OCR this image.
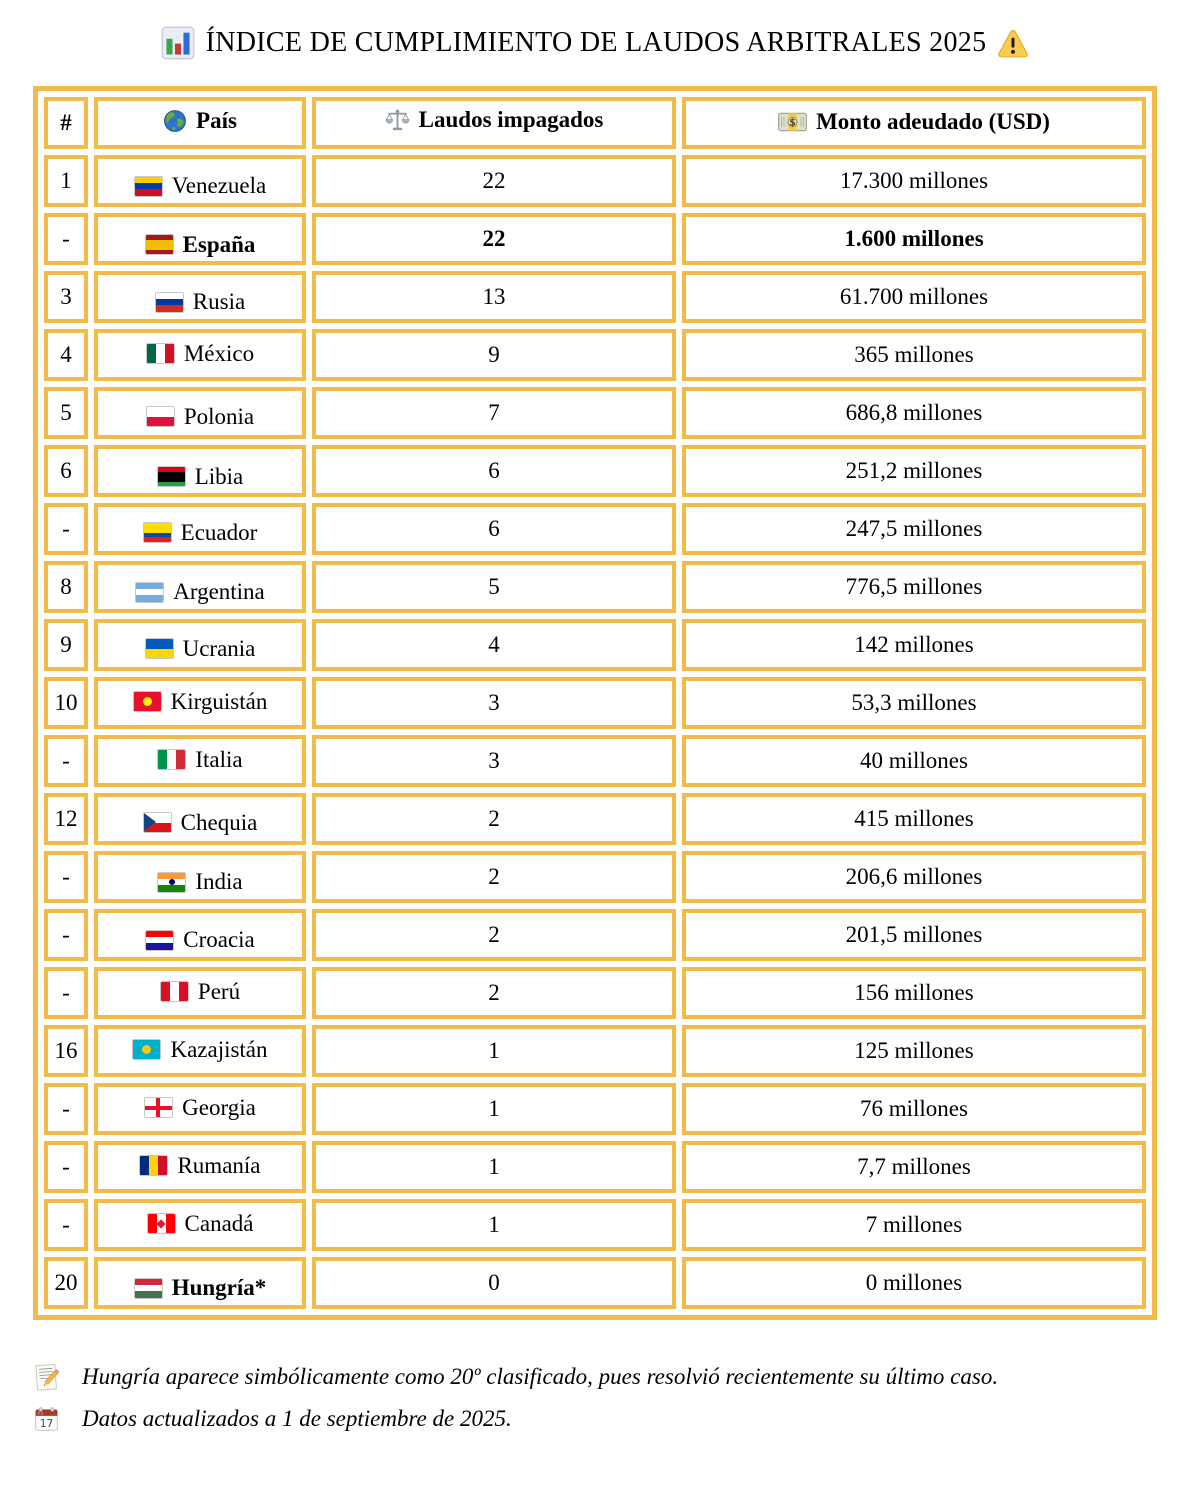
ÍNDICE DE CUMPLIMIENTO DE LAUDOS ARBITRALES 2025
#	País	Laudos impagados	$ Monto adeudado (USD)

1	Venezuela	22	17.300 millones
-	España	22	1.600 millones
3	Rusia	13	61.700 millones
4	México	9	365 millones
5	Polonia	7	686,8 millones
6	Libia	6	251,2 millones
-	Ecuador	6	247,5 millones
8	Argentina	5	776,5 millones
9	Ucrania	4	142 millones
10	Kirguistán	3	53,3 millones
-	Italia	3	40 millones
12	Chequia	2	415 millones
-	India	2	206,6 millones
-	Croacia	2	201,5 millones
-	Perú	2	156 millones
16	Kazajistán	1	125 millones
-	Georgia	1	76 millones
-	Rumanía	1	7,7 millones
-	Canadá	1	7 millones
20	Hungría*	0	0 millones
Hungría aparece simbólicamente como 20º clasificado, pues resolvió recientemente su último caso.
JUL
17 Datos actualizados a 1 de septiembre de 2025.
